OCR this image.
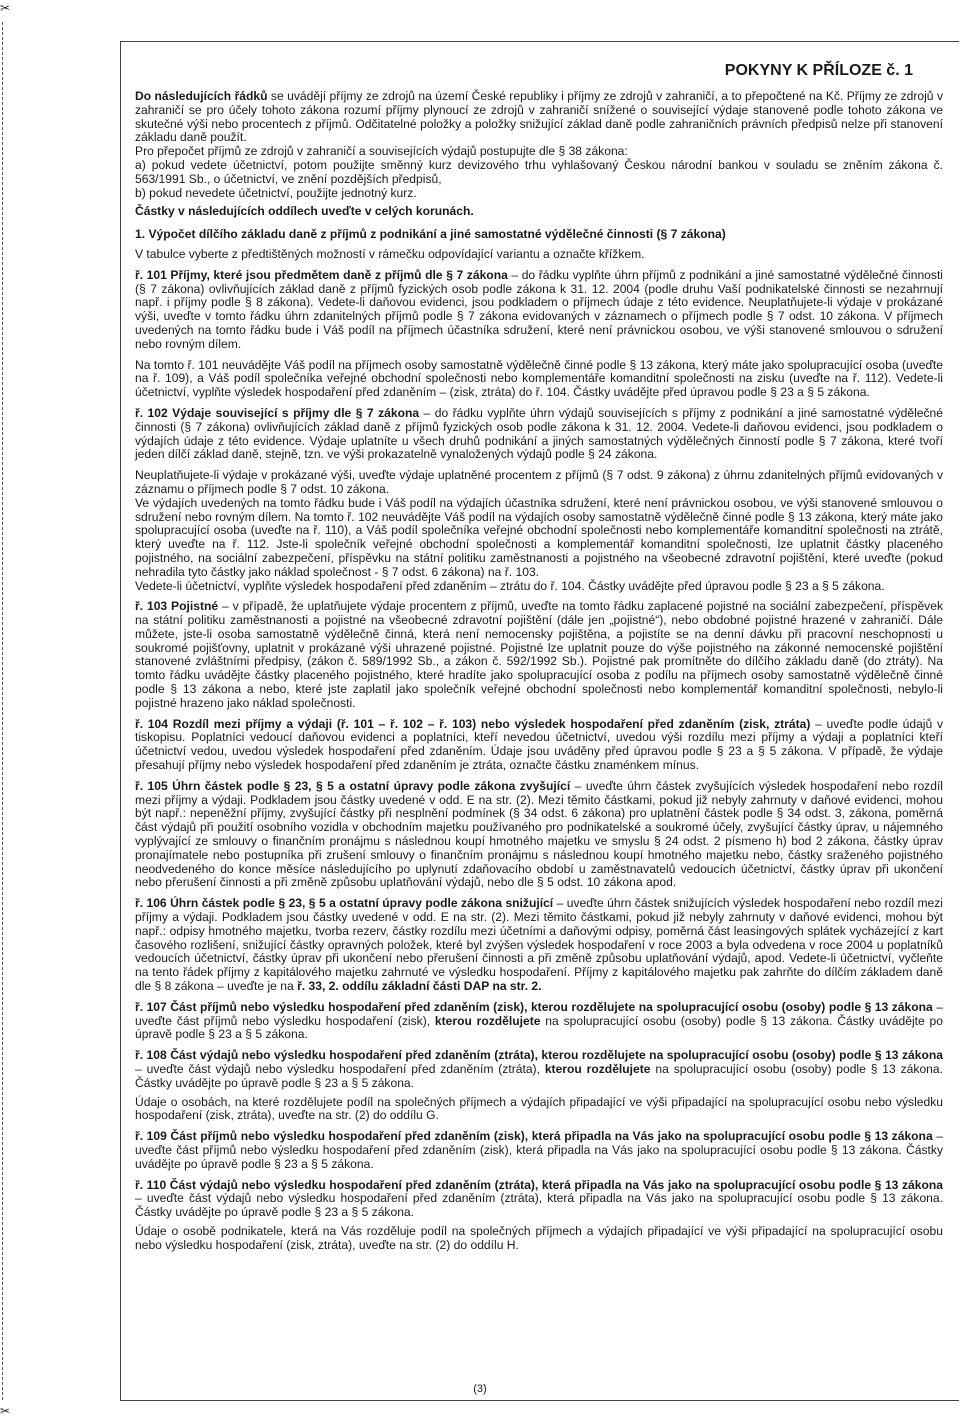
✂
✂
POKYNY K PŘÍLOZE č. 1

Do následujících řádků se uvádějí příjmy ze zdrojů na území České republiky i příjmy ze zdrojů v zahraničí, a to přepočtené na Kč. Příjmy ze zdrojů v zahraničí se pro účely tohoto zákona rozumí příjmy plynoucí ze zdrojů v zahraničí snížené o související výdaje stanovené podle tohoto zákona ve skutečné výši nebo procentech z příjmů. Odčitatelné položky a položky snižující základ daně podle zahraničních právních předpisů nelze při stanovení základu daně použít.

Pro přepočet příjmů ze zdrojů v zahraničí a souvisejících výdajů postupujte dle § 38 zákona:

a) pokud vedete účetnictví, potom použijte směnný kurz devizového trhu vyhlašovaný Českou národní bankou v souladu se zněním zákona č. 563/1991 Sb., o účetnictví, ve znění pozdějších předpisů,

b) pokud nevedete účetnictví, použijte jednotný kurz.

Částky v následujících oddílech uveďte v celých korunách.

1. Výpočet dílčího základu daně z příjmů z podnikání a jiné samostatné výdělečné činnosti (§ 7 zákona)

V tabulce vyberte z předtištěných možností v rámečku odpovídající variantu a označte křížkem.

ř. 101 Příjmy, které jsou předmětem daně z příjmů dle § 7 zákona – do řádku vyplňte úhrn příjmů z podnikání a jiné samostatné výdělečné činnosti (§ 7 zákona) ovlivňujících základ daně z příjmů fyzických osob podle zákona k 31. 12. 2004 (podle druhu Vaší podnikatelské činnosti se nezahrnují např. i příjmy podle § 8 zákona). Vedete-li daňovou evidenci, jsou podkladem o příjmech údaje z této evidence. Neuplatňujete-li výdaje v prokázané výši, uveďte v tomto řádku úhrn zdanitelných příjmů podle § 7 zákona evidovaných v záznamech o příjmech podle § 7 odst. 10 zákona. V příjmech uvedených na tomto řádku bude i Váš podíl na příjmech účastníka sdružení, které není právnickou osobou, ve výši stanovené smlouvou o sdružení nebo rovným dílem.

Na tomto ř. 101 neuvádějte Váš podíl na příjmech osoby samostatně výdělečně činné podle § 13 zákona, který máte jako spolupracující osoba (uveďte na ř. 109), a Váš podíl společníka veřejné obchodní společnosti nebo komplementáře komanditní společnosti na zisku (uveďte na ř. 112). Vedete-li účetnictví, vyplňte výsledek hospodaření před zdaněním – (zisk, ztráta) do ř. 104. Částky uvádějte před úpravou podle § 23 a § 5 zákona.

ř. 102 Výdaje související s příjmy dle § 7 zákona – do řádku vyplňte úhrn výdajů souvisejících s příjmy z podnikání a jiné samostatné výdělečné činnosti (§ 7 zákona) ovlivňujících základ daně z příjmů fyzických osob podle zákona k 31. 12. 2004. Vedete-li daňovou evidenci, jsou podkladem o výdajích údaje z této evidence. Výdaje uplatníte u všech druhů podnikání a jiných samostatných výdělečných činností podle § 7 zákona, které tvoří jeden dílčí základ daně, stejně, tzn. ve výši prokazatelně vynaložených výdajů podle § 24 zákona.

Neuplatňujete-li výdaje v prokázané výši, uveďte výdaje uplatněné procentem z příjmů (§ 7 odst. 9 zákona) z úhrnu zdanitelných příjmů evidovaných v záznamu o příjmech podle § 7 odst. 10 zákona.

Ve výdajích uvedených na tomto řádku bude i Váš podíl na výdajích účastníka sdružení, které není právnickou osobou, ve výši stanovené smlouvou o sdružení nebo rovným dílem. Na tomto ř. 102 neuvádějte Váš podíl na výdajích osoby samostatně výdělečně činné podle § 13 zákona, který máte jako spolupracující osoba (uveďte na ř. 110), a Váš podíl společníka veřejné obchodní společnosti nebo komplementáře komanditní společnosti na ztrátě, který uveďte na ř. 112. Jste-li společník veřejné obchodní společnosti a komplementář komanditní společnosti, lze uplatnit částky placeného pojistného, na sociální zabezpečení, příspěvku na státní politiku zaměstnanosti a pojistného na všeobecné zdravotní pojištění, které uveďte (pokud nehradila tyto částky jako náklad společnost - § 7 odst. 6 zákona) na ř. 103.

Vedete-li účetnictví, vyplňte výsledek hospodaření před zdaněním – ztrátu do ř. 104. Částky uvádějte před úpravou podle § 23 a § 5 zákona.

ř. 103 Pojistné – v případě, že uplatňujete výdaje procentem z příjmů, uveďte na tomto řádku zaplacené pojistné na sociální zabezpečení, příspěvek na státní politiku zaměstnanosti a pojistné na všeobecné zdravotní pojištění (dále jen „pojistné“), nebo obdobné pojistné hrazené v zahraničí. Dále můžete, jste-li osoba samostatně výdělečně činná, která není nemocensky pojištěna, a pojistíte se na denní dávku při pracovní neschopnosti u soukromé pojišťovny, uplatnit v prokázané výši uhrazené pojistné. Pojistné lze uplatnit pouze do výše pojistného na zákonné nemocenské pojištění stanovené zvláštními předpisy, (zákon č. 589/1992 Sb., a zákon č. 592/1992 Sb.). Pojistné pak promítněte do dílčího základu daně (do ztráty). Na tomto řádku uvádějte částky placeného pojistného, které hradíte jako spolupracující osoba z podílu na příjmech osoby samostatně výdělečně činné podle § 13 zákona a nebo, které jste zaplatil jako společník veřejné obchodní společnosti nebo komplementář komanditní společnosti, nebylo-li pojistné hrazeno jako náklad společnosti.

ř. 104 Rozdíl mezi příjmy a výdaji (ř. 101 – ř. 102 – ř. 103) nebo výsledek hospodaření před zdaněním (zisk, ztráta) – uveďte podle údajů v tiskopisu. Poplatníci vedoucí daňovou evidenci a poplatníci, kteří nevedou účetnictví, uvedou výši rozdílu mezi příjmy a výdaji a poplatníci kteří účetnictví vedou, uvedou výsledek hospodaření před zdaněním. Údaje jsou uváděny před úpravou podle § 23 a § 5 zákona. V případě, že výdaje přesahují příjmy nebo výsledek hospodaření před zdaněním je ztráta, označte částku znaménkem mínus.

ř. 105 Úhrn částek podle § 23, § 5 a ostatní úpravy podle zákona zvyšující – uveďte úhrn částek zvyšujících výsledek hospodaření nebo rozdíl mezi příjmy a výdaji. Podkladem jsou částky uvedené v odd. E na str. (2). Mezi těmito částkami, pokud již nebyly zahrnuty v daňové evidenci, mohou být např.: nepeněžní příjmy, zvyšující částky při nesplnění podmínek (§ 34 odst. 6 zákona) pro uplatnění částek podle § 34 odst. 3, zákona, poměrná část výdajů při použití osobního vozidla v obchodním majetku používaného pro podnikatelské a soukromé účely, zvyšující částky úprav, u nájemného vyplývající ze smlouvy o finančním pronájmu s následnou koupí hmotného majetku ve smyslu § 24 odst. 2 písmeno h) bod 2 zákona, částky úprav pronajímatele nebo postupníka při zrušení smlouvy o finančním pronájmu s následnou koupí hmotného majetku nebo, částky sraženého pojistného neodvedeného do konce měsíce následujícího po uplynutí zdaňovacího období u zaměstnavatelů vedoucích účetnictví, částky úprav při ukončení nebo přerušení činnosti a při změně způsobu uplatňování výdajů, nebo dle § 5 odst. 10 zákona apod.

ř. 106 Úhrn částek podle § 23, § 5 a ostatní úpravy podle zákona snižující – uveďte úhrn částek snižujících výsledek hospodaření nebo rozdíl mezi příjmy a výdaji. Podkladem jsou částky uvedené v odd. E na str. (2). Mezi těmito částkami, pokud již nebyly zahrnuty v daňové evidenci, mohou být např.: odpisy hmotného majetku, tvorba rezerv, částky rozdílu mezi účetními a daňovými odpisy, poměrná část leasingových splátek vycházející z kart časového rozlišení, snižující částky opravných položek, které byl zvýšen výsledek hospodaření v roce 2003 a byla odvedena v roce 2004 u poplatníků vedoucích účetnictví, částky úprav při ukončení nebo přerušení činnosti a při změně způsobu uplatňování výdajů, apod. Vedete-li účetnictví, vyčleňte na tento řádek příjmy z kapitálového majetku zahrnuté ve výsledku hospodaření. Příjmy z kapitálového majetku pak zahrňte do dílčím základem daně dle § 8 zákona – uveďte je na ř. 33, 2. oddílu základní části DAP na str. 2.

ř. 107 Část příjmů nebo výsledku hospodaření před zdaněním (zisk), kterou rozdělujete na spolupracující osobu (osoby) podle § 13 zákona – uveďte část příjmů nebo výsledku hospodaření (zisk), kterou rozdělujete na spolupracující osobu (osoby) podle § 13 zákona. Částky uvádějte po úpravě podle § 23 a § 5 zákona.

ř. 108 Část výdajů nebo výsledku hospodaření před zdaněním (ztráta), kterou rozdělujete na spolupracující osobu (osoby) podle § 13 zákona – uveďte část výdajů nebo výsledku hospodaření před zdaněním (ztráta), kterou rozdělujete na spolupracující osobu (osoby) podle § 13 zákona. Částky uvádějte po úpravě podle § 23 a § 5 zákona.

Údaje o osobách, na které rozdělujete podíl na společných příjmech a výdajích připadající ve výši připadající na spolupracující osobu nebo výsledku hospodaření (zisk, ztráta), uveďte na str. (2) do oddílu G.

ř. 109 Část příjmů nebo výsledku hospodaření před zdaněním (zisk), která připadla na Vás jako na spolupracující osobu podle § 13 zákona – uveďte část příjmů nebo výsledku hospodaření před zdaněním (zisk), která připadla na Vás jako na spolupracující osobu podle § 13 zákona. Částky uvádějte po úpravě podle § 23 a § 5 zákona.

ř. 110 Část výdajů nebo výsledku hospodaření před zdaněním (ztráta), která připadla na Vás jako na spolupracující osobu podle § 13 zákona – uveďte část výdajů nebo výsledku hospodaření před zdaněním (ztráta), která připadla na Vás jako na spolupracující osobu podle § 13 zákona. Částky uvádějte po úpravě podle § 23 a § 5 zákona.

Údaje o osobě podnikatele, která na Vás rozděluje podíl na společných příjmech a výdajích připadající ve výši připadající na spolupracující osobu nebo výsledku hospodaření (zisk, ztráta), uveďte na str. (2) do oddílu H.

(3)
